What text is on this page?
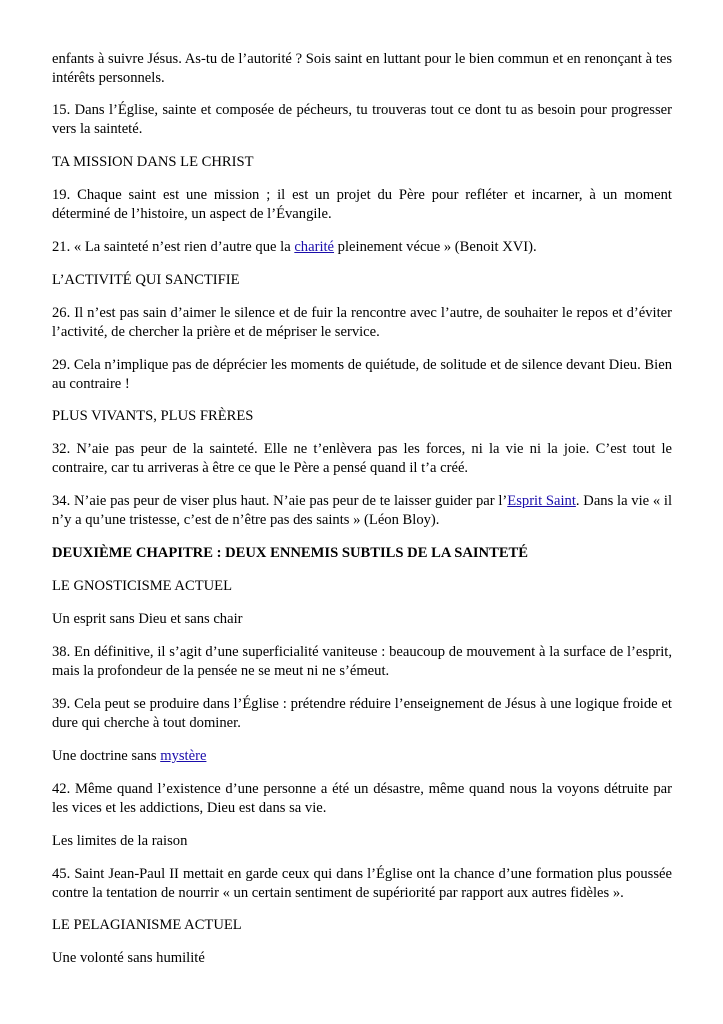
enfants à suivre Jésus. As-tu de l’autorité ? Sois saint en luttant pour le bien commun et en renonçant à tes intérêts personnels.

15. Dans l’Église, sainte et composée de pécheurs, tu trouveras tout ce dont tu as besoin pour progresser vers la sainteté.

TA MISSION DANS LE CHRIST

19. Chaque saint est une mission ; il est un projet du Père pour refléter et incarner, à un moment déterminé de l’histoire, un aspect de l’Évangile.

21. « La sainteté n’est rien d’autre que la charité pleinement vécue » (Benoit XVI).

L’ACTIVITÉ QUI SANCTIFIE

26. Il n’est pas sain d’aimer le silence et de fuir la rencontre avec l’autre, de souhaiter le repos et d’éviter l’activité, de chercher la prière et de mépriser le service.

29. Cela n’implique pas de déprécier les moments de quiétude, de solitude et de silence devant Dieu. Bien au contraire !

PLUS VIVANTS, PLUS FRÈRES

32. N’aie pas peur de la sainteté. Elle ne t’enlèvera pas les forces, ni la vie ni la joie. C’est tout le contraire, car tu arriveras à être ce que le Père a pensé quand il t’a créé.

34. N’aie pas peur de viser plus haut. N’aie pas peur de te laisser guider par l’Esprit Saint. Dans la vie « il n’y a qu’une tristesse, c’est de n’être pas des saints » (Léon Bloy).

DEUXIÈME CHAPITRE : DEUX ENNEMIS SUBTILS DE LA SAINTETÉ

LE GNOSTICISME ACTUEL

Un esprit sans Dieu et sans chair

38. En définitive, il s’agit d’une superficialité vaniteuse : beaucoup de mouvement à la surface de l’esprit, mais la profondeur de la pensée ne se meut ni ne s’émeut.

39. Cela peut se produire dans l’Église : prétendre réduire l’enseignement de Jésus à une logique froide et dure qui cherche à tout dominer.

Une doctrine sans mystère

42. Même quand l’existence d’une personne a été un désastre, même quand nous la voyons détruite par les vices et les addictions, Dieu est dans sa vie.

Les limites de la raison

45. Saint Jean-Paul II mettait en garde ceux qui dans l’Église ont la chance d’une formation plus poussée contre la tentation de nourrir « un certain sentiment de supériorité par rapport aux autres fidèles ».

LE PELAGIANISME ACTUEL

Une volonté sans humilité
